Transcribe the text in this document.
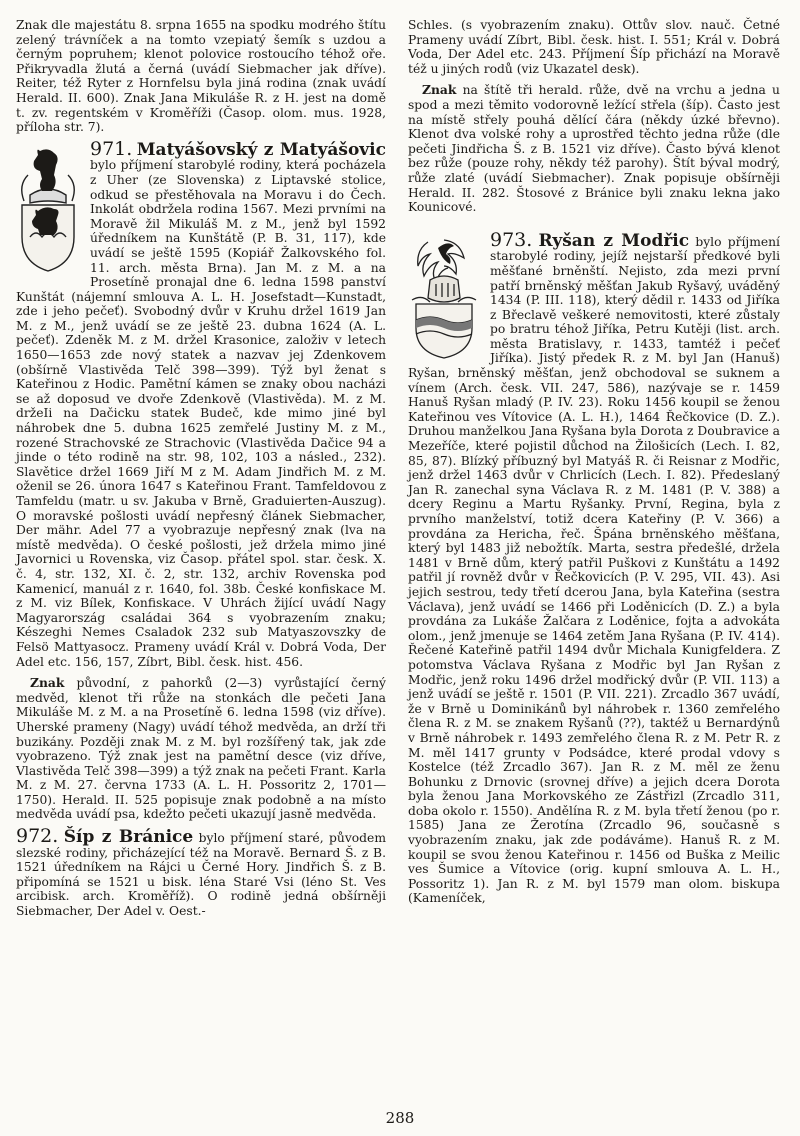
Znak dle majestátu 8. srpna 1655 na spodku modrého štítu zelený trávníček a na tomto vzepiatý šemík s uzdou a černým popruhem; klenot polovice rostoucího téhož oře. Přikryvadla žlutá a černá (uvádí Siebmacher jak dříve). Reiter, též Ryter z Hornfelsu byla jiná rodina (znak uvádí Herald. II. 600). Znak Jana Mikuláše R. z H. jest na domě t. zv. regentském v Kroměříži (Časop. olom. mus. 1928, příloha str. 7).

971. Matyášovský z Matyášovic bylo příjmení starobylé rodiny, která pocházela z Uher (ze Slovenska) z Liptavské stolice, odkud se přestěhovala na Moravu i do Čech. Inkolát obdržela rodina 1567. Mezi prvními na Moravě žil Mikuláš M. z M., jenž byl 1592 úředníkem na Kunštátě (P. B. 31, 117), kde uvádí se ještě 1595 (Kopiář Žalkovského fol. 11. arch. města Brna). Jan M. z M. a na Prosetíně pronajal dne 6. ledna 1598 panství Kunštát (nájemní smlouva A. L. H. Josefstadt—Kunstadt, zde i jeho pečeť). Svobodný dvůr v Kruhu držel 1619 Jan M. z M., jenž uvádí se ze ještě 23. dubna 1624 (A. L. pečeť). Zdeněk M. z M. držel Krasonice, založiv v letech 1650—1653 zde nový statek a nazvav jej Zdenkovem (obšírně Vlastivěda Telč 398—399). Týž byl ženat s Kateřinou z Hodic. Pamětní kámen se znaky obou nacházi se až doposud ve dvoře Zdenkově (Vlastivěda). M. z M. držeIi na Dačicku statek Budeč, kde mimo jiné byl náhrobek dne 5. dubna 1625 zemřelé Justiny M. z M., rozené Strachovské ze Strachovic (Vlastivěda Dačice 94 a jinde o této rodině na str. 98, 102, 103 a násled., 232). Slavětice držel 1669 Jiří M z M. Adam Jindřich M. z M. oženil se 26. února 1647 s Kateřinou Frant. Tamfeldovou z Tamfeldu (matr. u sv. Jakuba v Brně, Graduierten-Auszug). O moravské pošlosti uvádí nepřesný článek Siebmacher, Der mähr. Adel 77 a vyobrazuje nepřesný znak (lva na místě medvěda). O české pošlosti, jež držela mimo jiné Javornici u Rovenska, viz Časop. přátel spol. star. česk. X. č. 4, str. 132, XI. č. 2, str. 132, archiv Rovenska pod Kamenicí, manuál z r. 1640, fol. 38b. České konfiskace M. z M. viz Bílek, Konfiskace. V Uhrách žijící uvádí Nagy Magyarország családai 364 s vyobrazením znaku; Készeghi Nemes Csaladok 232 sub Matyaszovszky de Felsö Mattyasocz. Prameny uvádí Král v. Dobrá Voda, Der Adel etc. 156, 157, Zíbrt, Bibl. česk. hist. 456.

Znak původní, z pahorků (2—3) vyrůstající černý medvěd, klenot tři růže na stonkách dle pečeti Jana Mikuláše M. z M. a na Prosetíně 6. ledna 1598 (viz dříve). Uherské prameny (Nagy) uvádí téhož medvěda, an drží tři buzikány. Později znak M. z M. byl rozšířený tak, jak zde vyobrazeno. Týž znak jest na pamětní desce (viz dříve, Vlastivěda Telč 398—399) a týž znak na pečeti Frant. Karla M. z M. 27. června 1733 (A. L. H. Possoritz 2, 1701—1750). Herald. II. 525 popisuje znak podobně a na místo medvěda uvádí psa, kdežto pečeti ukazují jasně medvěda.

972. Šíp z Bránice bylo příjmení staré, původem slezské rodiny, přicházející též na Moravě. Bernard Š. z B. 1521 úředníkem na Rájci u Černé Hory. Jindřich Š. z B. připomíná se 1521 u bisk. léna Staré Vsi (léno St. Ves arcibisk. arch. Kroměříž). O rodině jedná obšírněji Siebmacher, Der Adel v. Oest.-

Schles. (s vyobrazením znaku). Ottův slov. nauč. Četné Prameny uvádí Zíbrt, Bibl. česk. hist. I. 551; Král v. Dobrá Voda, Der Adel etc. 243. Příjmení Šíp přichází na Moravě též u jiných rodů (viz Ukazatel desk).

Znak na štítě tři herald. růže, dvě na vrchu a jedna u spod a mezi těmito vodorovně ležící střela (šíp). Často jest na místě střely pouhá dělící čára (někdy úzké břevno). Klenot dva volské rohy a uprostřed těchto jedna růže (dle pečeti Jindřicha Š. z B. 1521 viz dříve). Často bývá klenot bez růže (pouze rohy, někdy též parohy). Štít býval modrý, růže zlaté (uvádí Siebmacher). Znak popisuje obšírněji Herald. II. 282. Štosové z Bránice byli znaku lekna jako Kounicové.

973. Ryšan z Modřic bylo příjmení starobylé rodiny, jejíž nejstarší předkové byli měšťané brněnští. Nejisto, zda mezi první patří brněnský měšťan Jakub Ryšavý, uváděný 1434 (P. III. 118), který dědil r. 1433 od Jiříka z Břeclavě veškeré nemovitosti, které zůstaly po bratru téhož Jiříka, Petru Kutěji (list. arch. města Bratislavy, r. 1433, tamtéž i pečeť Jiříka). Jistý předek R. z M. byl Jan (Hanuš) Ryšan, brněnský měšťan, jenž obchodoval se suknem a vínem (Arch. česk. VII. 247, 586), nazývaje se r. 1459 Hanuš Ryšan mladý (P. IV. 23). Roku 1456 koupil se ženou Kateřinou ves Vítovice (A. L. H.), 1464 Řečkovice (D. Z.). Druhou manželkou Jana Ryšana byla Dorota z Doubravice a Mezeříče, které pojistil důchod na Žilošicích (Lech. I. 82, 85, 87). Blízký příbuzný byl Matyáš R. či Reisnar z Modřic, jenž držel 1463 dvůr v Chrlicích (Lech. I. 82). Předeslaný Jan R. zanechal syna Václava R. z M. 1481 (P. V. 388) a dcery Reginu a Martu Ryšanky. První, Regina, byla z prvního manželství, totiž dcera Kateřiny (P. V. 366) a provdána za Hericha, řeč. Špána brněnského měšťana, který byl 1483 již nebožtík. Marta, sestra předešlé, držela 1481 v Brně dům, který patřil Puškovi z Kunštátu a 1492 patřil jí rovněž dvůr v Řečkovicích (P. V. 295, VII. 43). Asi jejich sestrou, tedy třetí dcerou Jana, byla Kateřina (sestra Václava), jenž uvádí se 1466 při Loděnicích (D. Z.) a byla provdána za Lukáše Žalčara z Loděnice, fojta a advokáta olom., jenž jmenuje se 1464 zetěm Jana Ryšana (P. IV. 414). Řečené Kateřině patřil 1494 dvůr Michala Kunigfeldera. Z potomstva Václava Ryšana z Modřic byl Jan Ryšan z Modřic, jenž roku 1496 držel modřický dvůr (P. VII. 113) a jenž uvádí se ještě r. 1501 (P. VII. 221). Zrcadlo 367 uvádí, že v Brně u Dominikánů byl náhrobek r. 1360 zemřelého člena R. z M. se znakem Ryšanů (??), taktéž u Bernardýnů v Brně náhrobek r. 1493 zemřelého člena R. z M. Petr R. z M. měl 1417 grunty v Podsádce, které prodal vdovy s Kostelce (též Zrcadlo 367). Jan R. z M. měl ze ženu Bohunku z Drnovic (srovnej dříve) a jejich dcera Dorota byla ženou Jana Morkovského ze Zástřizl (Zrcadlo 311, doba okolo r. 1550). Andělína R. z M. byla třetí ženou (po r. 1585) Jana ze Žerotína (Zrcadlo 96, současně s vyobrazením znaku, jak zde podáváme). Hanuš R. z M. koupil se svou ženou Kateřinou r. 1456 od Buška z Meilic ves Šumice a Vítovice (orig. kupní smlouva A. L. H., Possoritz 1). Jan R. z M. byl 1579 man olom. biskupa (Kameníček,

288
